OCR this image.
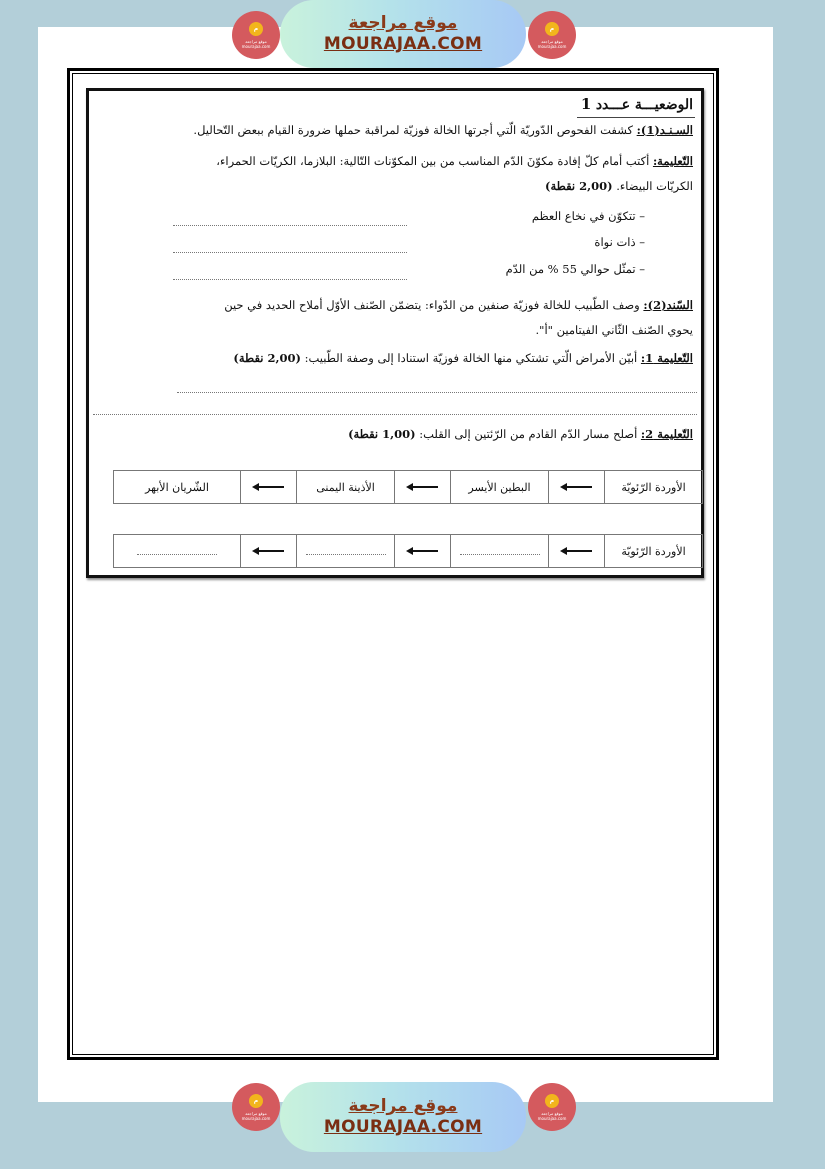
م
موقع مراجعة mourajaa.com
موقع مراجعة
MOURAJAA.COM
م
موقع مراجعة mourajaa.com
الوضعيـــة عـــدد 1
السـنـد(1): كشفت الفحوص الدّوريّة الّتي أجرتها الخالة فوزيّة لمراقبة حملها ضرورة القيام ببعض التّحاليل.
التّعليمة: أكتب أمام كلّ إفادة مكوّنَ الدّم المناسب من بين المكوّنات التّالية: البلازما، الكريّات الحمراء،
الكريّات البيضاء. (2,00 نقطة)
– تتكوّن في نخاع العظم
– ذات نواة
– تمثّل حوالي 55 % من الدّم
السّند(2): وصف الطّبيب للخالة فوزيّة صنفين من الدّواء: يتضمّن الصّنف الأوّل أملاح الحديد في حين
يحوي الصّنف الثّاني الفيتامين "أ".
التّعليمة 1: أبيّن الأمراض الّتي تشتكي منها الخالة فوزيّة استنادا إلى وصفة الطّبيب: (2,00 نقطة)
التّعليمة 2: أصلح مسار الدّم القادم من الرّئتين إلى القلب: (1,00 نقطة)
الأوردة الرّئويّة
البطين الأيسر
الأذينة اليمنى
الشّريان الأبهر
الأوردة الرّئويّة
م
موقع مراجعة mourajaa.com
موقع مراجعة
MOURAJAA.COM
م
موقع مراجعة mourajaa.com
